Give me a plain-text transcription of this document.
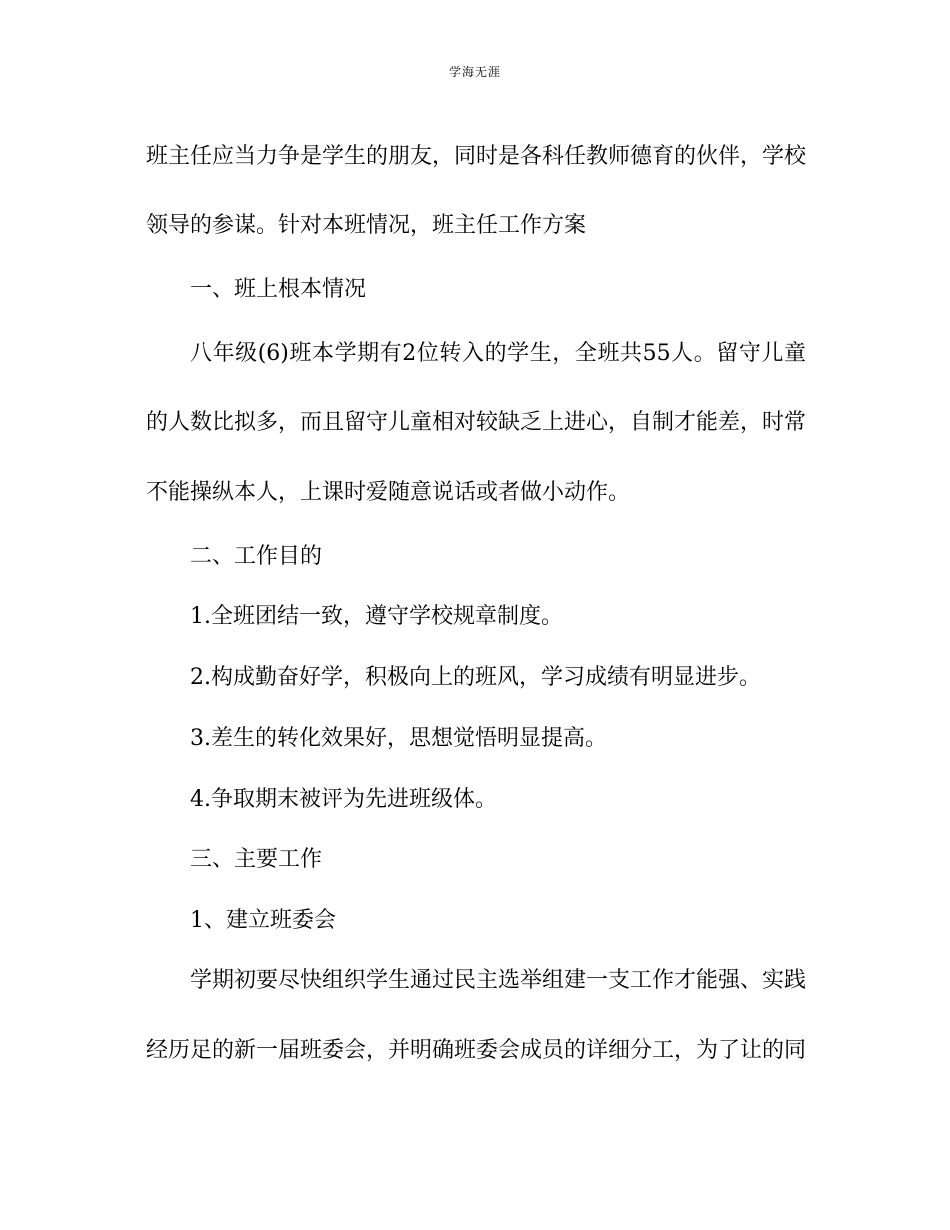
学海无涯
班主任应当力争是学生的朋友，同时是各科任教师德育的伙伴，学校
领导的参谋。针对本班情况，班主任工作方案
一、班上根本情况
八年级(6)班本学期有2位转入的学生，全班共55人。留守儿童
的人数比拟多，而且留守儿童相对较缺乏上进心，自制才能差，时常
不能操纵本人，上课时爱随意说话或者做小动作。
二、工作目的
1.全班团结一致，遵守学校规章制度。
2.构成勤奋好学，积极向上的班风，学习成绩有明显进步。
3.差生的转化效果好，思想觉悟明显提高。
4.争取期末被评为先进班级体。
三、主要工作
1、建立班委会
学期初要尽快组织学生通过民主选举组建一支工作才能强、实践
经历足的新一届班委会，并明确班委会成员的详细分工，为了让的同
